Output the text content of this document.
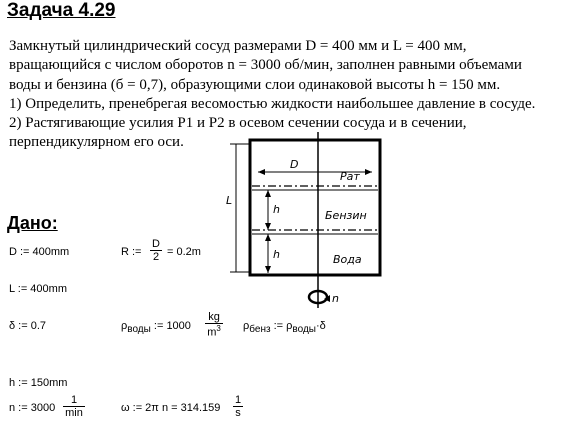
Задача 4.29
Замкнутый цилиндрический сосуд размерами D = 400 мм и L = 400 мм,
вращающийся с числом оборотов n = 3000 об/мин, заполнен равными объемами
воды и бензина (б = 0,7), образующими слои одинаковой высоты h = 150 мм.
1) Определить, пренебрегая весомостью жидкости наибольшее давление в сосуде.
2) Растягивающие усилия P1 и P2 в осевом сечении сосуда и в сечении,
перпендикулярном его оси.
L
D
Pат
h
h
Бензин
Вода
n
Дано:
D := 400mm	R := $\frac{D}{2} = 0.2m$
L := 400mm
δ := 0.7	ρводы := $1000 \frac{kg}{m^3}$ ρбенз := ρводы·δ
h := 150mm
n := 3000
1
min	ω := 2π $n = 314.159 \frac{1}{s}$
